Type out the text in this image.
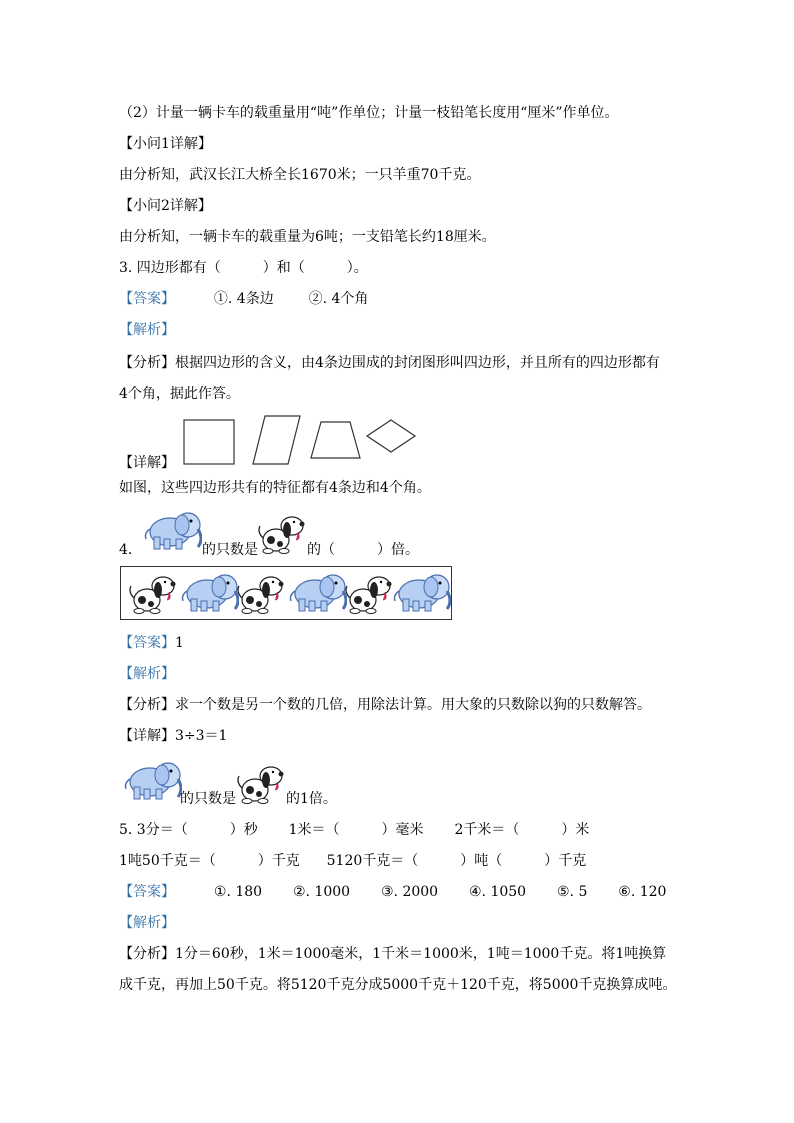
（2）计量一辆卡车的载重量用“吨”作单位；计量一枝铅笔长度用“厘米”作单位。
【小问1详解】
由分析知，武汉长江大桥全长1670米；一只羊重70千克。
【小问2详解】
由分析知，一辆卡车的载重量为6吨；一支铅笔长约18厘米。
3. 四边形都有（　　　）和（　　　）。
【答案】	①. 4条边 ②. 4个角
【解析】
【分析】根据四边形的含义，由4条边围成的封闭图形叫四边形，并且所有的四边形都有
4个角，据此作答。
【详解】
如图，这些四边形共有的特征都有4条边和4个角。
4.	的只数是	的（　　　）倍。
【答案】1
【解析】
【分析】求一个数是另一个数的几倍，用除法计算。用大象的只数除以狗的只数解答。
【详解】3÷3＝1
的只数是	的1倍。
5. 3分＝（　　　）秒 1米＝（　　　）毫米 2千米＝（　　　）米
1吨50千克＝（　　　）千克 5120千克＝（　　　）吨（　　　）千克
【答案】	①. 180 ②. 1000 ③. 2000 ④. 1050 ⑤. 5 ⑥. 120
【解析】
【分析】1分＝60秒，1米＝1000毫米，1千米＝1000米，1吨＝1000千克。将1吨换算
成千克，再加上50千克。将5120千克分成5000千克＋120千克，将5000千克换算成吨。
